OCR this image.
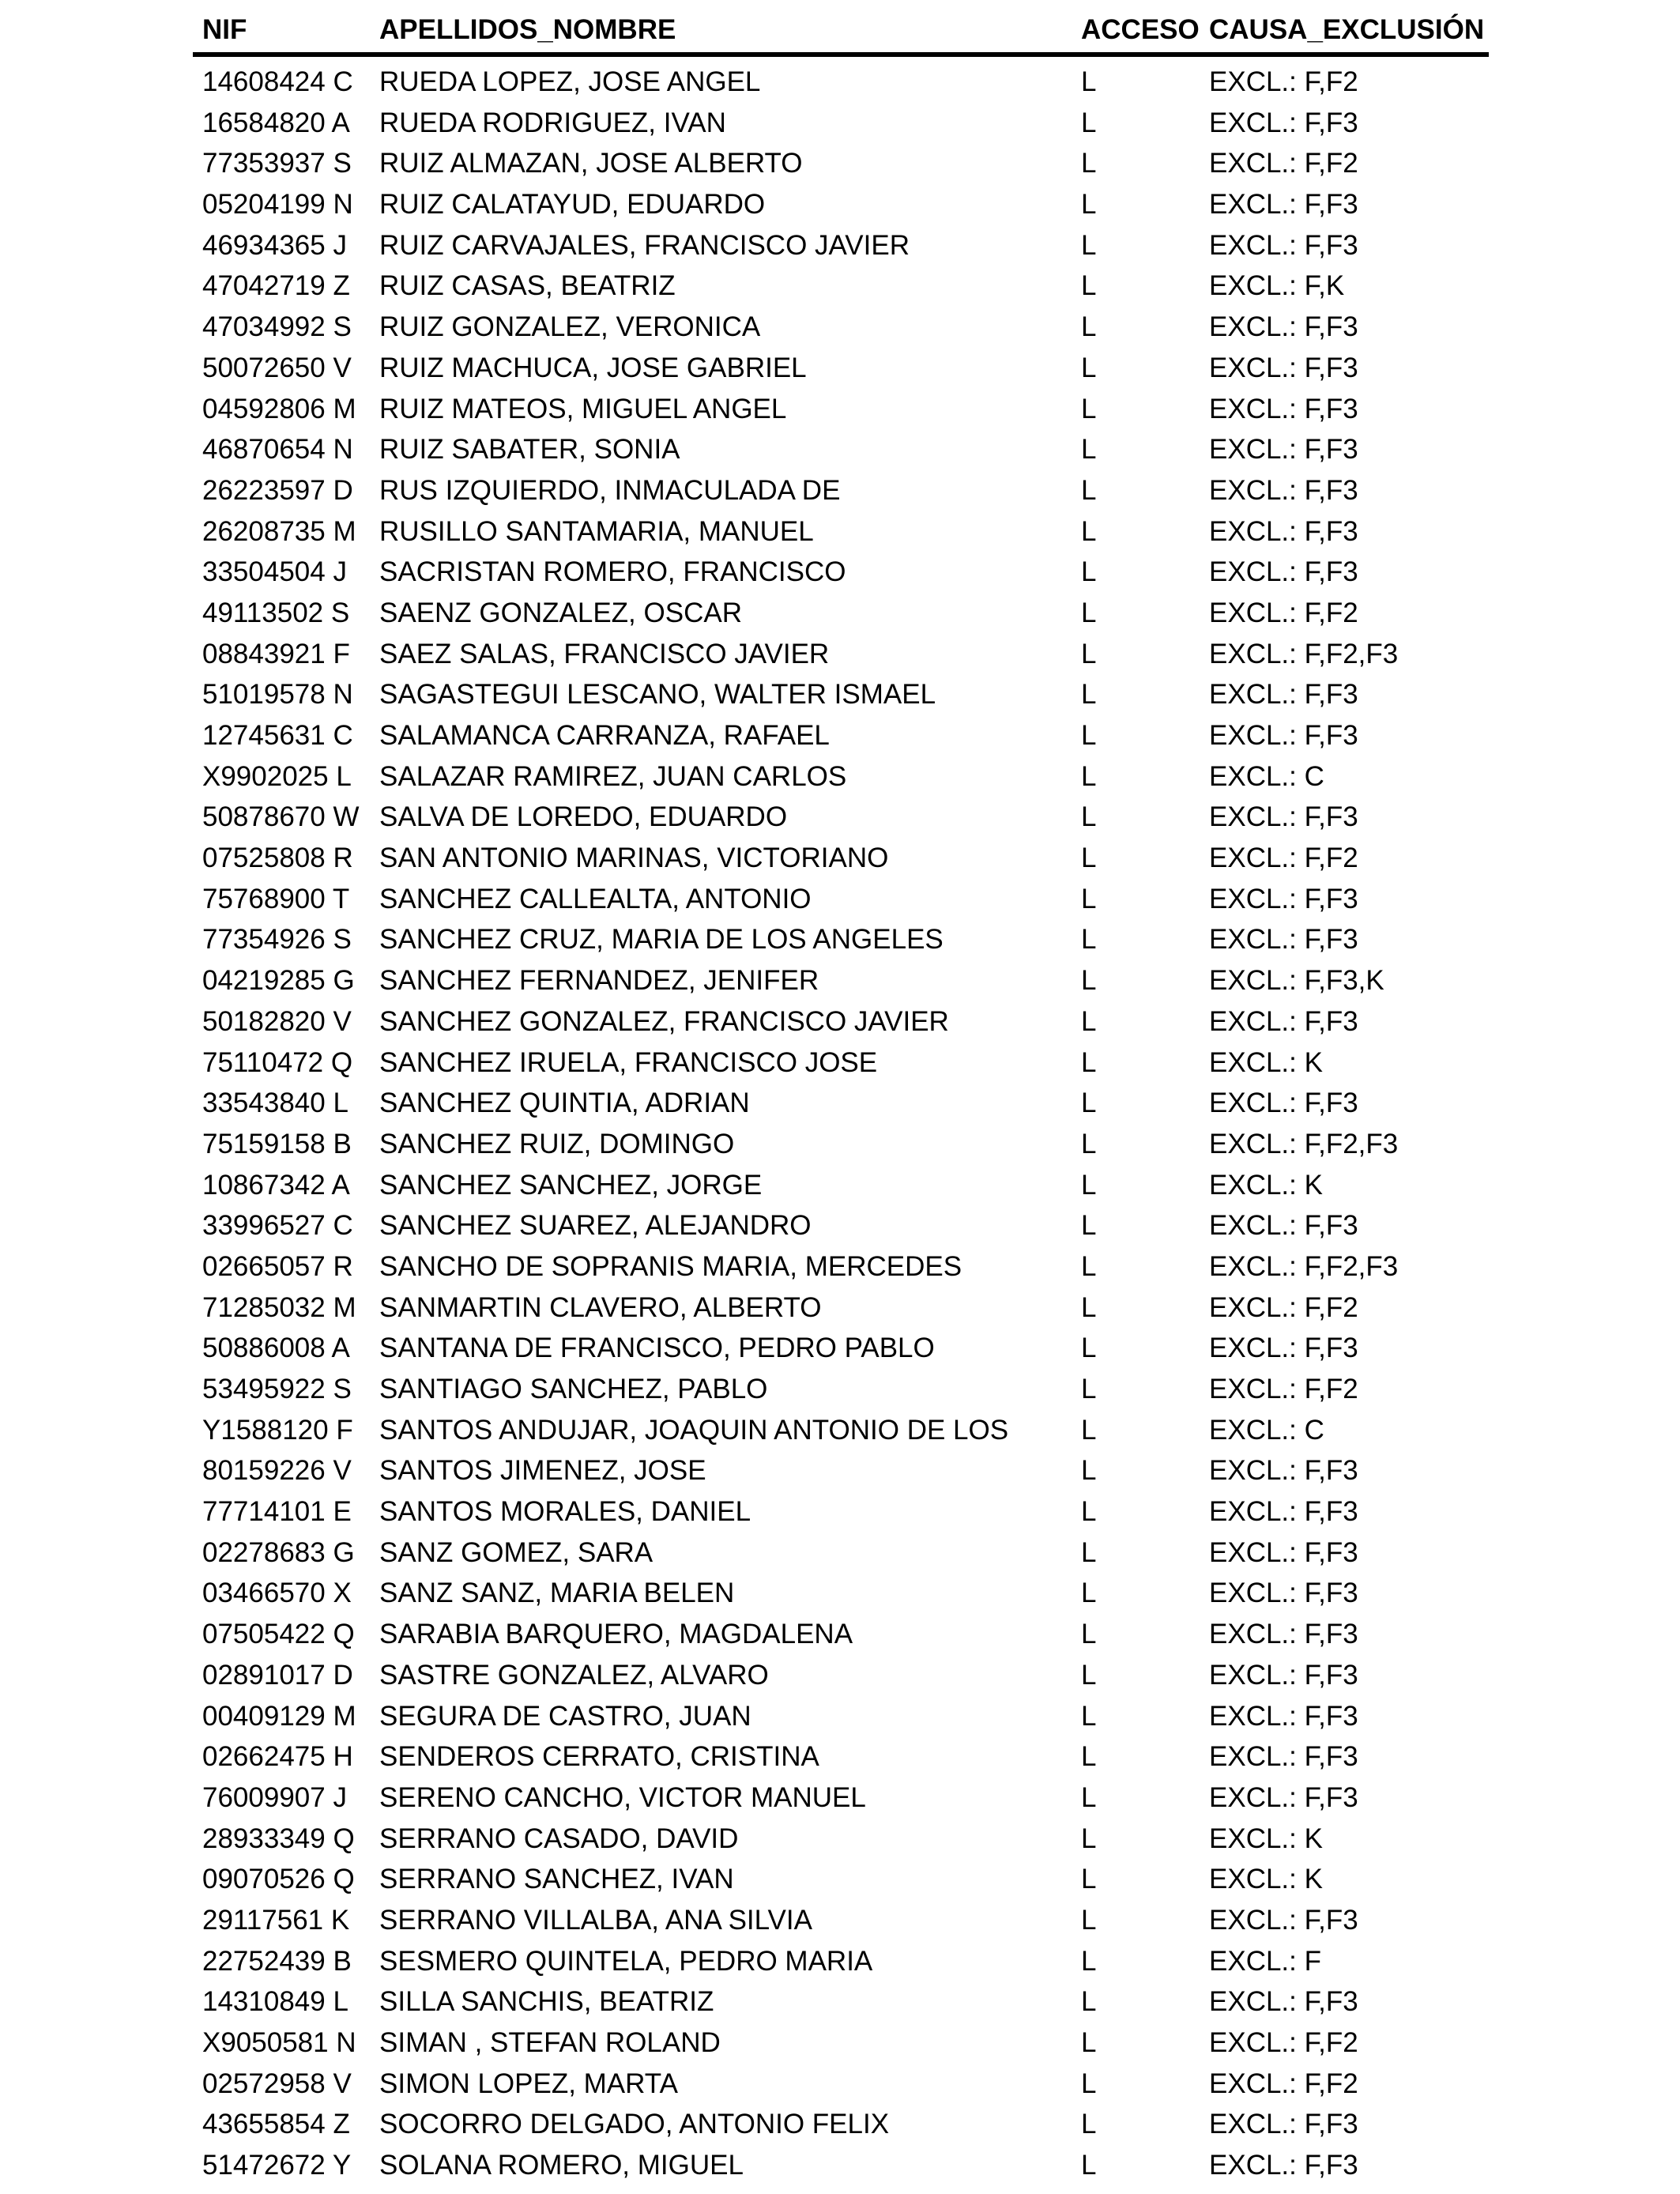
NIF	APELLIDOS_NOMBRE	ACCESO CAUSA_EXCLUSIÓN
14608424 C RUEDA LOPEZ, JOSE ANGEL	L	EXCL.: F,F2
16584820 A RUEDA RODRIGUEZ, IVAN	L	EXCL.: F,F3
77353937 S RUIZ ALMAZAN, JOSE ALBERTO	L	EXCL.: F,F2
05204199 N RUIZ CALATAYUD, EDUARDO	L	EXCL.: F,F3
46934365 J RUIZ CARVAJALES, FRANCISCO JAVIER	L	EXCL.: F,F3
47042719 Z RUIZ CASAS, BEATRIZ	L	EXCL.: F,K
47034992 S RUIZ GONZALEZ, VERONICA	L	EXCL.: F,F3
50072650 V RUIZ MACHUCA, JOSE GABRIEL	L	EXCL.: F,F3
04592806 M RUIZ MATEOS, MIGUEL ANGEL	L	EXCL.: F,F3
46870654 N RUIZ SABATER, SONIA	L	EXCL.: F,F3
26223597 D RUS IZQUIERDO, INMACULADA DE	L	EXCL.: F,F3
26208735 M RUSILLO SANTAMARIA, MANUEL	L	EXCL.: F,F3
33504504 J SACRISTAN ROMERO, FRANCISCO	L	EXCL.: F,F3
49113502 S SAENZ GONZALEZ, OSCAR	L	EXCL.: F,F2
08843921 F SAEZ SALAS, FRANCISCO JAVIER	L	EXCL.: F,F2,F3
51019578 N SAGASTEGUI LESCANO, WALTER ISMAEL	L	EXCL.: F,F3
12745631 C SALAMANCA CARRANZA, RAFAEL	L	EXCL.: F,F3
X9902025 L SALAZAR RAMIREZ, JUAN CARLOS	L	EXCL.: C
50878670 W SALVA DE LOREDO, EDUARDO	L	EXCL.: F,F3
07525808 R SAN ANTONIO MARINAS, VICTORIANO	L	EXCL.: F,F2
75768900 T SANCHEZ CALLEALTA, ANTONIO	L	EXCL.: F,F3
77354926 S SANCHEZ CRUZ, MARIA DE LOS ANGELES	L	EXCL.: F,F3
04219285 G SANCHEZ FERNANDEZ, JENIFER	L	EXCL.: F,F3,K
50182820 V SANCHEZ GONZALEZ, FRANCISCO JAVIER	L	EXCL.: F,F3
75110472 Q SANCHEZ IRUELA, FRANCISCO JOSE	L	EXCL.: K
33543840 L SANCHEZ QUINTIA, ADRIAN	L	EXCL.: F,F3
75159158 B SANCHEZ RUIZ, DOMINGO	L	EXCL.: F,F2,F3
10867342 A SANCHEZ SANCHEZ, JORGE	L	EXCL.: K
33996527 C SANCHEZ SUAREZ, ALEJANDRO	L	EXCL.: F,F3
02665057 R SANCHO DE SOPRANIS MARIA, MERCEDES	L	EXCL.: F,F2,F3
71285032 M SANMARTIN CLAVERO, ALBERTO	L	EXCL.: F,F2
50886008 A SANTANA DE FRANCISCO, PEDRO PABLO	L	EXCL.: F,F3
53495922 S SANTIAGO SANCHEZ, PABLO	L	EXCL.: F,F2
Y1588120 F SANTOS ANDUJAR, JOAQUIN ANTONIO DE LOS	L	EXCL.: C
80159226 V SANTOS JIMENEZ, JOSE	L	EXCL.: F,F3
77714101 E SANTOS MORALES, DANIEL	L	EXCL.: F,F3
02278683 G SANZ GOMEZ, SARA	L	EXCL.: F,F3
03466570 X SANZ SANZ, MARIA BELEN	L	EXCL.: F,F3
07505422 Q SARABIA BARQUERO, MAGDALENA	L	EXCL.: F,F3
02891017 D SASTRE GONZALEZ, ALVARO	L	EXCL.: F,F3
00409129 M SEGURA DE CASTRO, JUAN	L	EXCL.: F,F3
02662475 H SENDEROS CERRATO, CRISTINA	L	EXCL.: F,F3
76009907 J SERENO CANCHO, VICTOR MANUEL	L	EXCL.: F,F3
28933349 Q SERRANO CASADO, DAVID	L	EXCL.: K
09070526 Q SERRANO SANCHEZ, IVAN	L	EXCL.: K
29117561 K SERRANO VILLALBA, ANA SILVIA	L	EXCL.: F,F3
22752439 B SESMERO QUINTELA, PEDRO MARIA	L	EXCL.: F
14310849 L SILLA SANCHIS, BEATRIZ	L	EXCL.: F,F3
X9050581 N SIMAN , STEFAN ROLAND	L	EXCL.: F,F2
02572958 V SIMON LOPEZ, MARTA	L	EXCL.: F,F2
43655854 Z SOCORRO DELGADO, ANTONIO FELIX	L	EXCL.: F,F3
51472672 Y SOLANA ROMERO, MIGUEL	L	EXCL.: F,F3
